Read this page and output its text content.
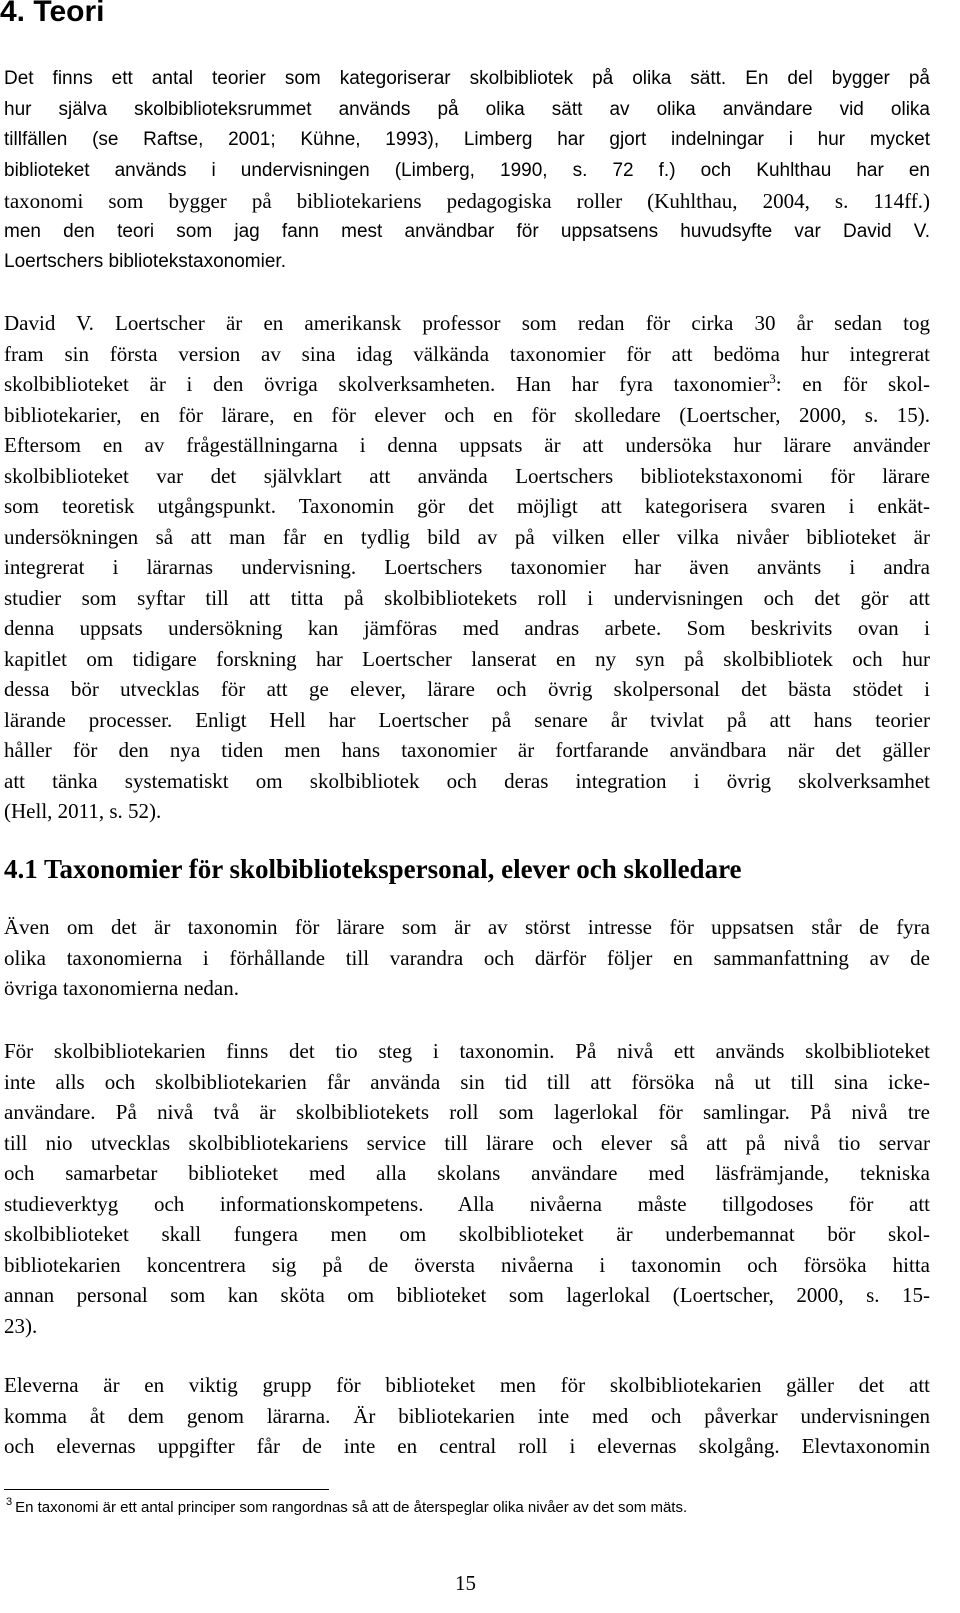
4. Teori
Det finns ett antal teorier som kategoriserar skolbibliotek på olika sätt. En del bygger på
hur själva skolbiblioteksrummet används på olika sätt av olika användare vid olika
tillfällen (se Raftse, 2001; Kühne, 1993), Limberg har gjort indelningar i hur mycket
biblioteket används i undervisningen (Limberg, 1990, s. 72 f.) och Kuhlthau har en
taxonomi som bygger på bibliotekariens pedagogiska roller (Kuhlthau, 2004, s. 114ff.)
men den teori som jag fann mest användbar för uppsatsens huvudsyfte var David V.
Loertschers bibliotekstaxonomier.
David V. Loertscher är en amerikansk professor som redan för cirka 30 år sedan tog
fram sin första version av sina idag välkända taxonomier för att bedöma hur integrerat
skolbiblioteket är i den övriga skolverksamheten. Han har fyra taxonomier$^3$: en för skol-
bibliotekarier, en för lärare, en för elever och en för skolledare (Loertscher, 2000, s. 15).
Eftersom en av frågeställningarna i denna uppsats är att undersöka hur lärare använder
skolbiblioteket var det självklart att använda Loertschers bibliotekstaxonomi för lärare
som teoretisk utgångspunkt. Taxonomin gör det möjligt att kategorisera svaren i enkät-
undersökningen så att man får en tydlig bild av på vilken eller vilka nivåer biblioteket är
integrerat i lärarnas undervisning. Loertschers taxonomier har även använts i andra
studier som syftar till att titta på skolbibliotekets roll i undervisningen och det gör att
denna uppsats undersökning kan jämföras med andras arbete. Som beskrivits ovan i
kapitlet om tidigare forskning har Loertscher lanserat en ny syn på skolbibliotek och hur
dessa bör utvecklas för att ge elever, lärare och övrig skolpersonal det bästa stödet i
lärande processer. Enligt Hell har Loertscher på senare år tvivlat på att hans teorier
håller för den nya tiden men hans taxonomier är fortfarande användbara när det gäller
att tänka systematiskt om skolbibliotek och deras integration i övrig skolverksamhet
(Hell, 2011, s. 52).
4.1 Taxonomier för skolbibliotekspersonal, elever och skolledare
Även om det är taxonomin för lärare som är av störst intresse för uppsatsen står de fyra
olika taxonomierna i förhållande till varandra och därför följer en sammanfattning av de
övriga taxonomierna nedan.
För skolbibliotekarien finns det tio steg i taxonomin. På nivå ett används skolbiblioteket
inte alls och skolbibliotekarien får använda sin tid till att försöka nå ut till sina icke-
användare. På nivå två är skolbibliotekets roll som lagerlokal för samlingar. På nivå tre
till nio utvecklas skolbibliotekariens service till lärare och elever så att på nivå tio servar
och samarbetar biblioteket med alla skolans användare med läsfrämjande, tekniska
studieverktyg och informationskompetens. Alla nivåerna måste tillgodoses för att
skolbiblioteket skall fungera men om skolbiblioteket är underbemannat bör skol-
bibliotekarien koncentrera sig på de översta nivåerna i taxonomin och försöka hitta
annan personal som kan sköta om biblioteket som lagerlokal (Loertscher, 2000, s. 15-
23).
Eleverna är en viktig grupp för biblioteket men för skolbibliotekarien gäller det att
komma åt dem genom lärarna. Är bibliotekarien inte med och påverkar undervisningen
och elevernas uppgifter får de inte en central roll i elevernas skolgång. Elevtaxonomin

$^3$ En taxonomi är ett antal principer som rangordnas så att de återspeglar olika nivåer av det som mäts.

15
